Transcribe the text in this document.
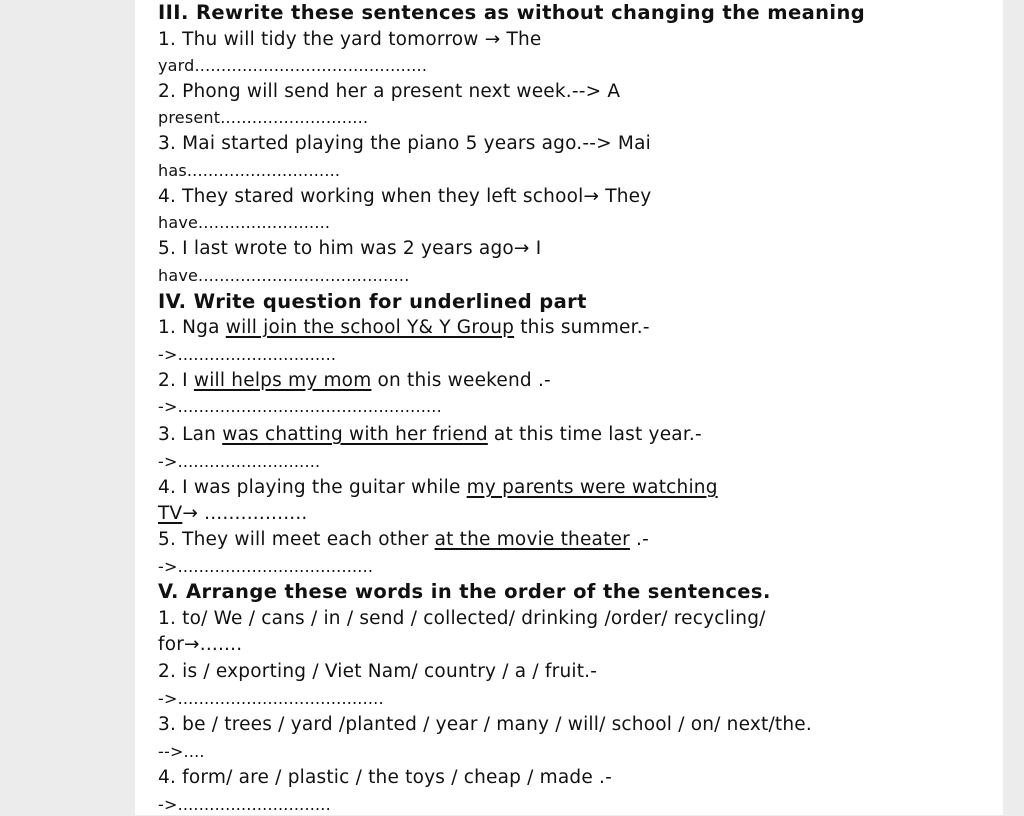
III. Rewrite these sentences as without changing the meaning
1. Thu will tidy the yard tomorrow → The
yard............................................
2. Phong will send her a present next week.--> A
present............................
3. Mai started playing the piano 5 years ago.--> Mai
has.............................
4. They stared working when they left school→ They
have.........................
5. I last wrote to him was 2 years ago→ I
have........................................
IV. Write question for underlined part
1. Nga will join the school Y& Y Group this summer.-
->..............................
2. I will helps my mom on this weekend .-
->..................................................
3. Lan was chatting with her friend at this time last year.-
->...........................
4. I was playing the guitar while my parents were watching
TV→ .................
5. They will meet each other at the movie theater .-
->.....................................
V. Arrange these words in the order of the sentences.
1. to/ We / cans / in / send / collected/ drinking /order/ recycling/
for→.......
2. is / exporting / Viet Nam/ country / a / fruit.-
->.......................................
3. be / trees / yard /planted / year / many / will/ school / on/ next/the.
-->....
4. form/ are / plastic / the toys / cheap / made .-
->.............................
